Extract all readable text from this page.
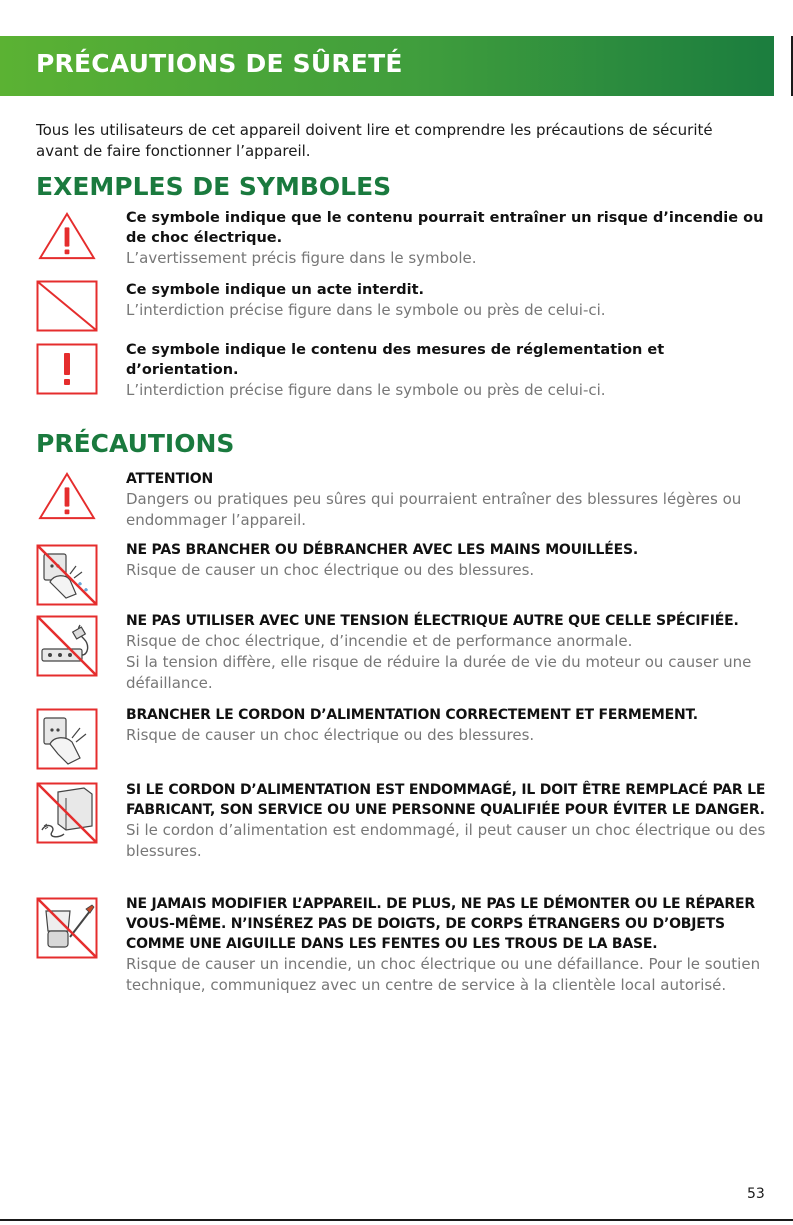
PRÉCAUTIONS DE SÛRETÉ

Tous les utilisateurs de cet appareil doivent lire et comprendre les précautions de sécurité avant de faire fonctionner l’appareil.

EXEMPLES DE SYMBOLES
Ce symbole indique que le contenu pourrait entraîner un risque d’incendie ou de choc électrique.
L’avertissement précis figure dans le symbole.
Ce symbole indique un acte interdit.
L’interdiction précise figure dans le symbole ou près de celui-ci.
Ce symbole indique le contenu des mesures de réglementation et d’orientation.
L’interdiction précise figure dans le symbole ou près de celui-ci.
PRÉCAUTIONS
ATTENTION
Dangers ou pratiques peu sûres qui pourraient entraîner des blessures légères ou endommager l’appareil.
NE PAS BRANCHER OU DÉBRANCHER AVEC LES MAINS MOUILLÉES.
Risque de causer un choc électrique ou des blessures.
NE PAS UTILISER AVEC UNE TENSION ÉLECTRIQUE AUTRE QUE CELLE SPÉCIFIÉE.
Risque de choc électrique, d’incendie et de performance anormale.
Si la tension diffère, elle risque de réduire la durée de vie du moteur ou causer une défaillance.
BRANCHER LE CORDON D’ALIMENTATION CORRECTEMENT ET FERMEMENT.
Risque de causer un choc électrique ou des blessures.
SI LE CORDON D’ALIMENTATION EST ENDOMMAGÉ, IL DOIT ÊTRE REMPLACÉ PAR LE FABRICANT, SON SERVICE OU UNE PERSONNE QUALIFIÉE POUR ÉVITER LE DANGER.
Si le cordon d’alimentation est endommagé, il peut causer un choc électrique ou des blessures.
NE JAMAIS MODIFIER L’APPAREIL. DE PLUS, NE PAS LE DÉMONTER OU LE RÉPARER VOUS-MÊME. N’INSÉREZ PAS DE DOIGTS, DE CORPS ÉTRANGERS OU D’OBJETS COMME UNE AIGUILLE DANS LES FENTES OU LES TROUS DE LA BASE.
Risque de causer un incendie, un choc électrique ou une défaillance. Pour le soutien technique, communiquez avec un centre de service à la clientèle local autorisé.
53
